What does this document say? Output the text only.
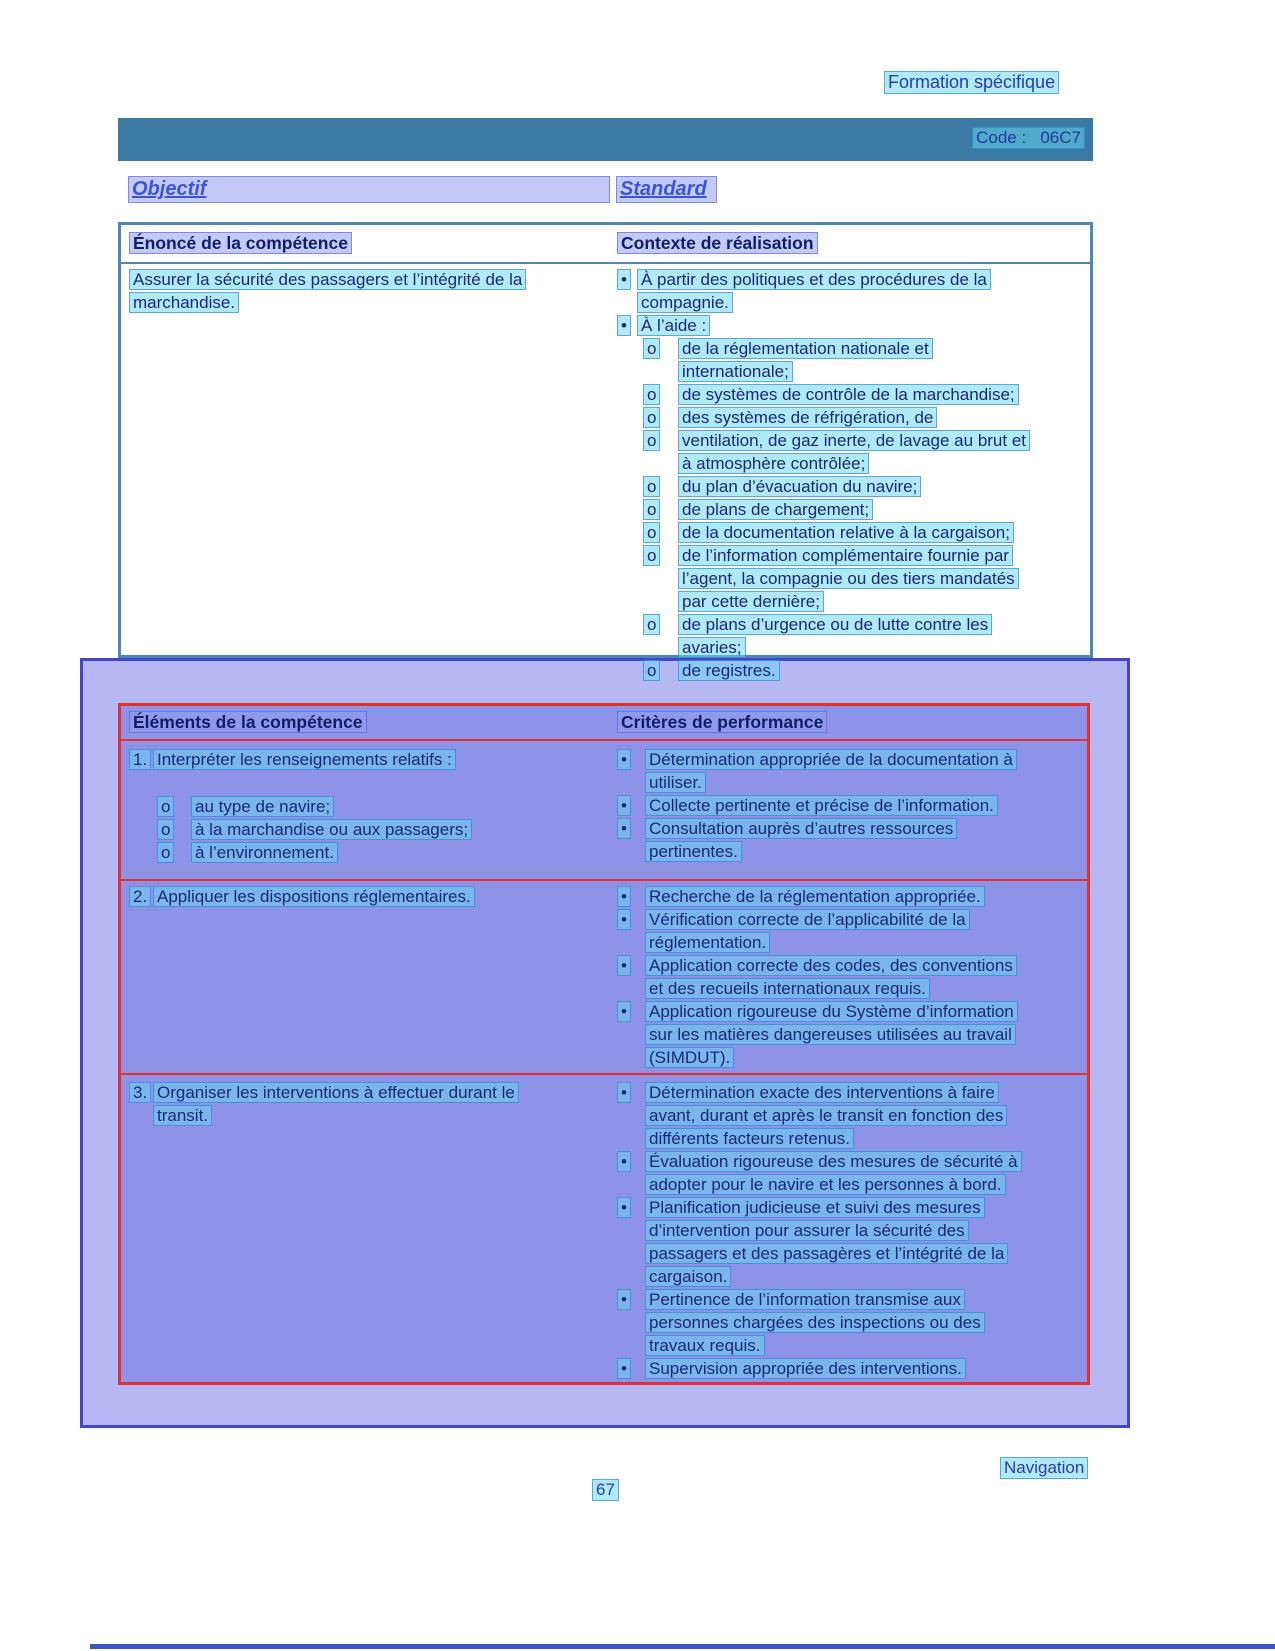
Formation spécifique
Code :   06C7
Objectif	Standard
Éléments de la compétence	Critères de performance
1. Interpréter les renseignements relatifs :
o au type de navire;
o à la marchandise ou aux passagers;
o à l’environnement.
• Détermination appropriée de la documentation à
utiliser.
• Collecte pertinente et précise de l’information.
• Consultation auprès d’autres ressources
pertinentes.
2. Appliquer les dispositions réglementaires.	• Recherche de la réglementation appropriée.
• Vérification correcte de l’applicabilité de la
réglementation.
• Application correcte des codes, des conventions
et des recueils internationaux requis.
• Application rigoureuse du Système d’information
sur les matières dangereuses utilisées au travail
(SIMDUT).
3. Organiser les interventions à effectuer durant le
transit.
• Détermination exacte des interventions à faire
avant, durant et après le transit en fonction des
différents facteurs retenus.
• Évaluation rigoureuse des mesures de sécurité à
adopter pour le navire et les personnes à bord.
• Planification judicieuse et suivi des mesures
d’intervention pour assurer la sécurité des
passagers et des passagères et l’intégrité de la
cargaison.
• Pertinence de l’information transmise aux
personnes chargées des inspections ou des
travaux requis.
• Supervision appropriée des interventions.
Énoncé de la compétence	Contexte de réalisation
Assurer la sécurité des passagers et l’intégrité de la
marchandise.
• À partir des politiques et des procédures de la
compagnie.
• À l’aide :
o de la réglementation nationale et
internationale;
o de systèmes de contrôle de la marchandise;
o des systèmes de réfrigération, de
o ventilation, de gaz inerte, de lavage au brut et
à atmosphère contrôlée;
o du plan d’évacuation du navire;
o de plans de chargement;
o de la documentation relative à la cargaison;
o de l’information complémentaire fournie par
l’agent, la compagnie ou des tiers mandatés
par cette dernière;
o de plans d’urgence ou de lutte contre les
avaries;
o de registres.
Navigation
67
